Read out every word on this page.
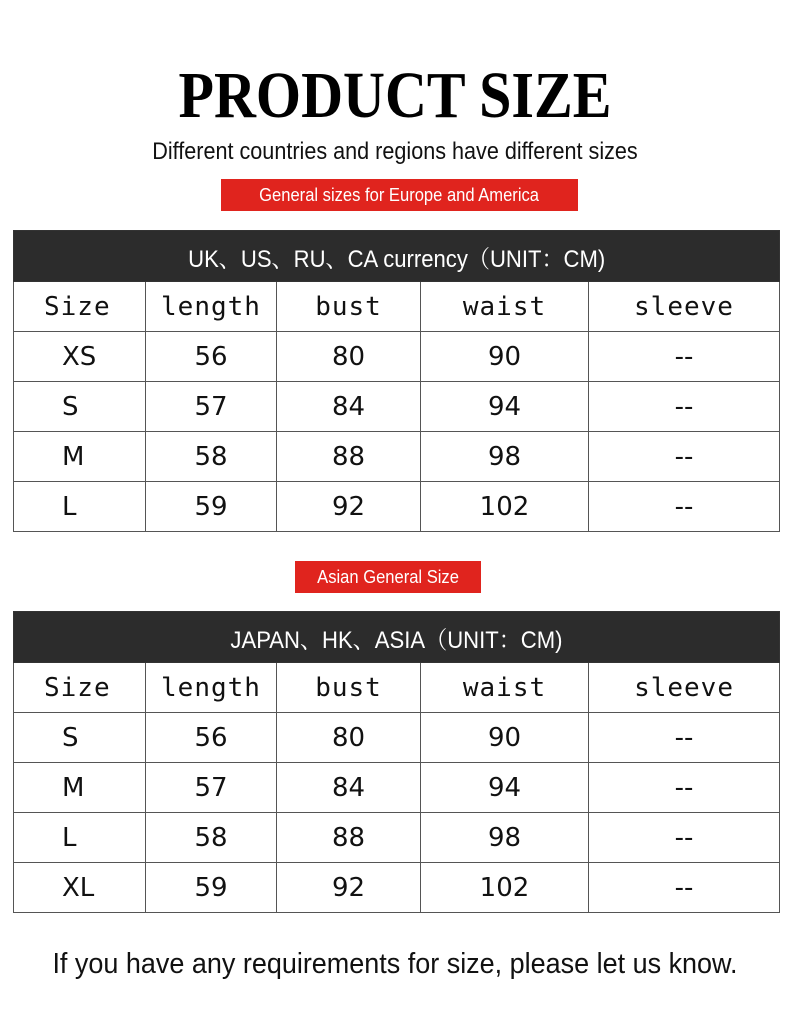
PRODUCT SIZE
Different countries and regions have different sizes
General sizes for Europe and America
UK、US、RU、CA currency（UNIT：CM)				
Size	length	bust	waist	sleeve
XS	56	80	90	--
S	57	84	94	--
M	58	88	98	--
L	59	92	102	--
Asian General Size
JAPAN、HK、ASIA（UNIT：CM)				
Size	length	bust	waist	sleeve
S	56	80	90	--
M	57	84	94	--
L	58	88	98	--
XL	59	92	102	--
If you have any requirements for size, please let us know.
